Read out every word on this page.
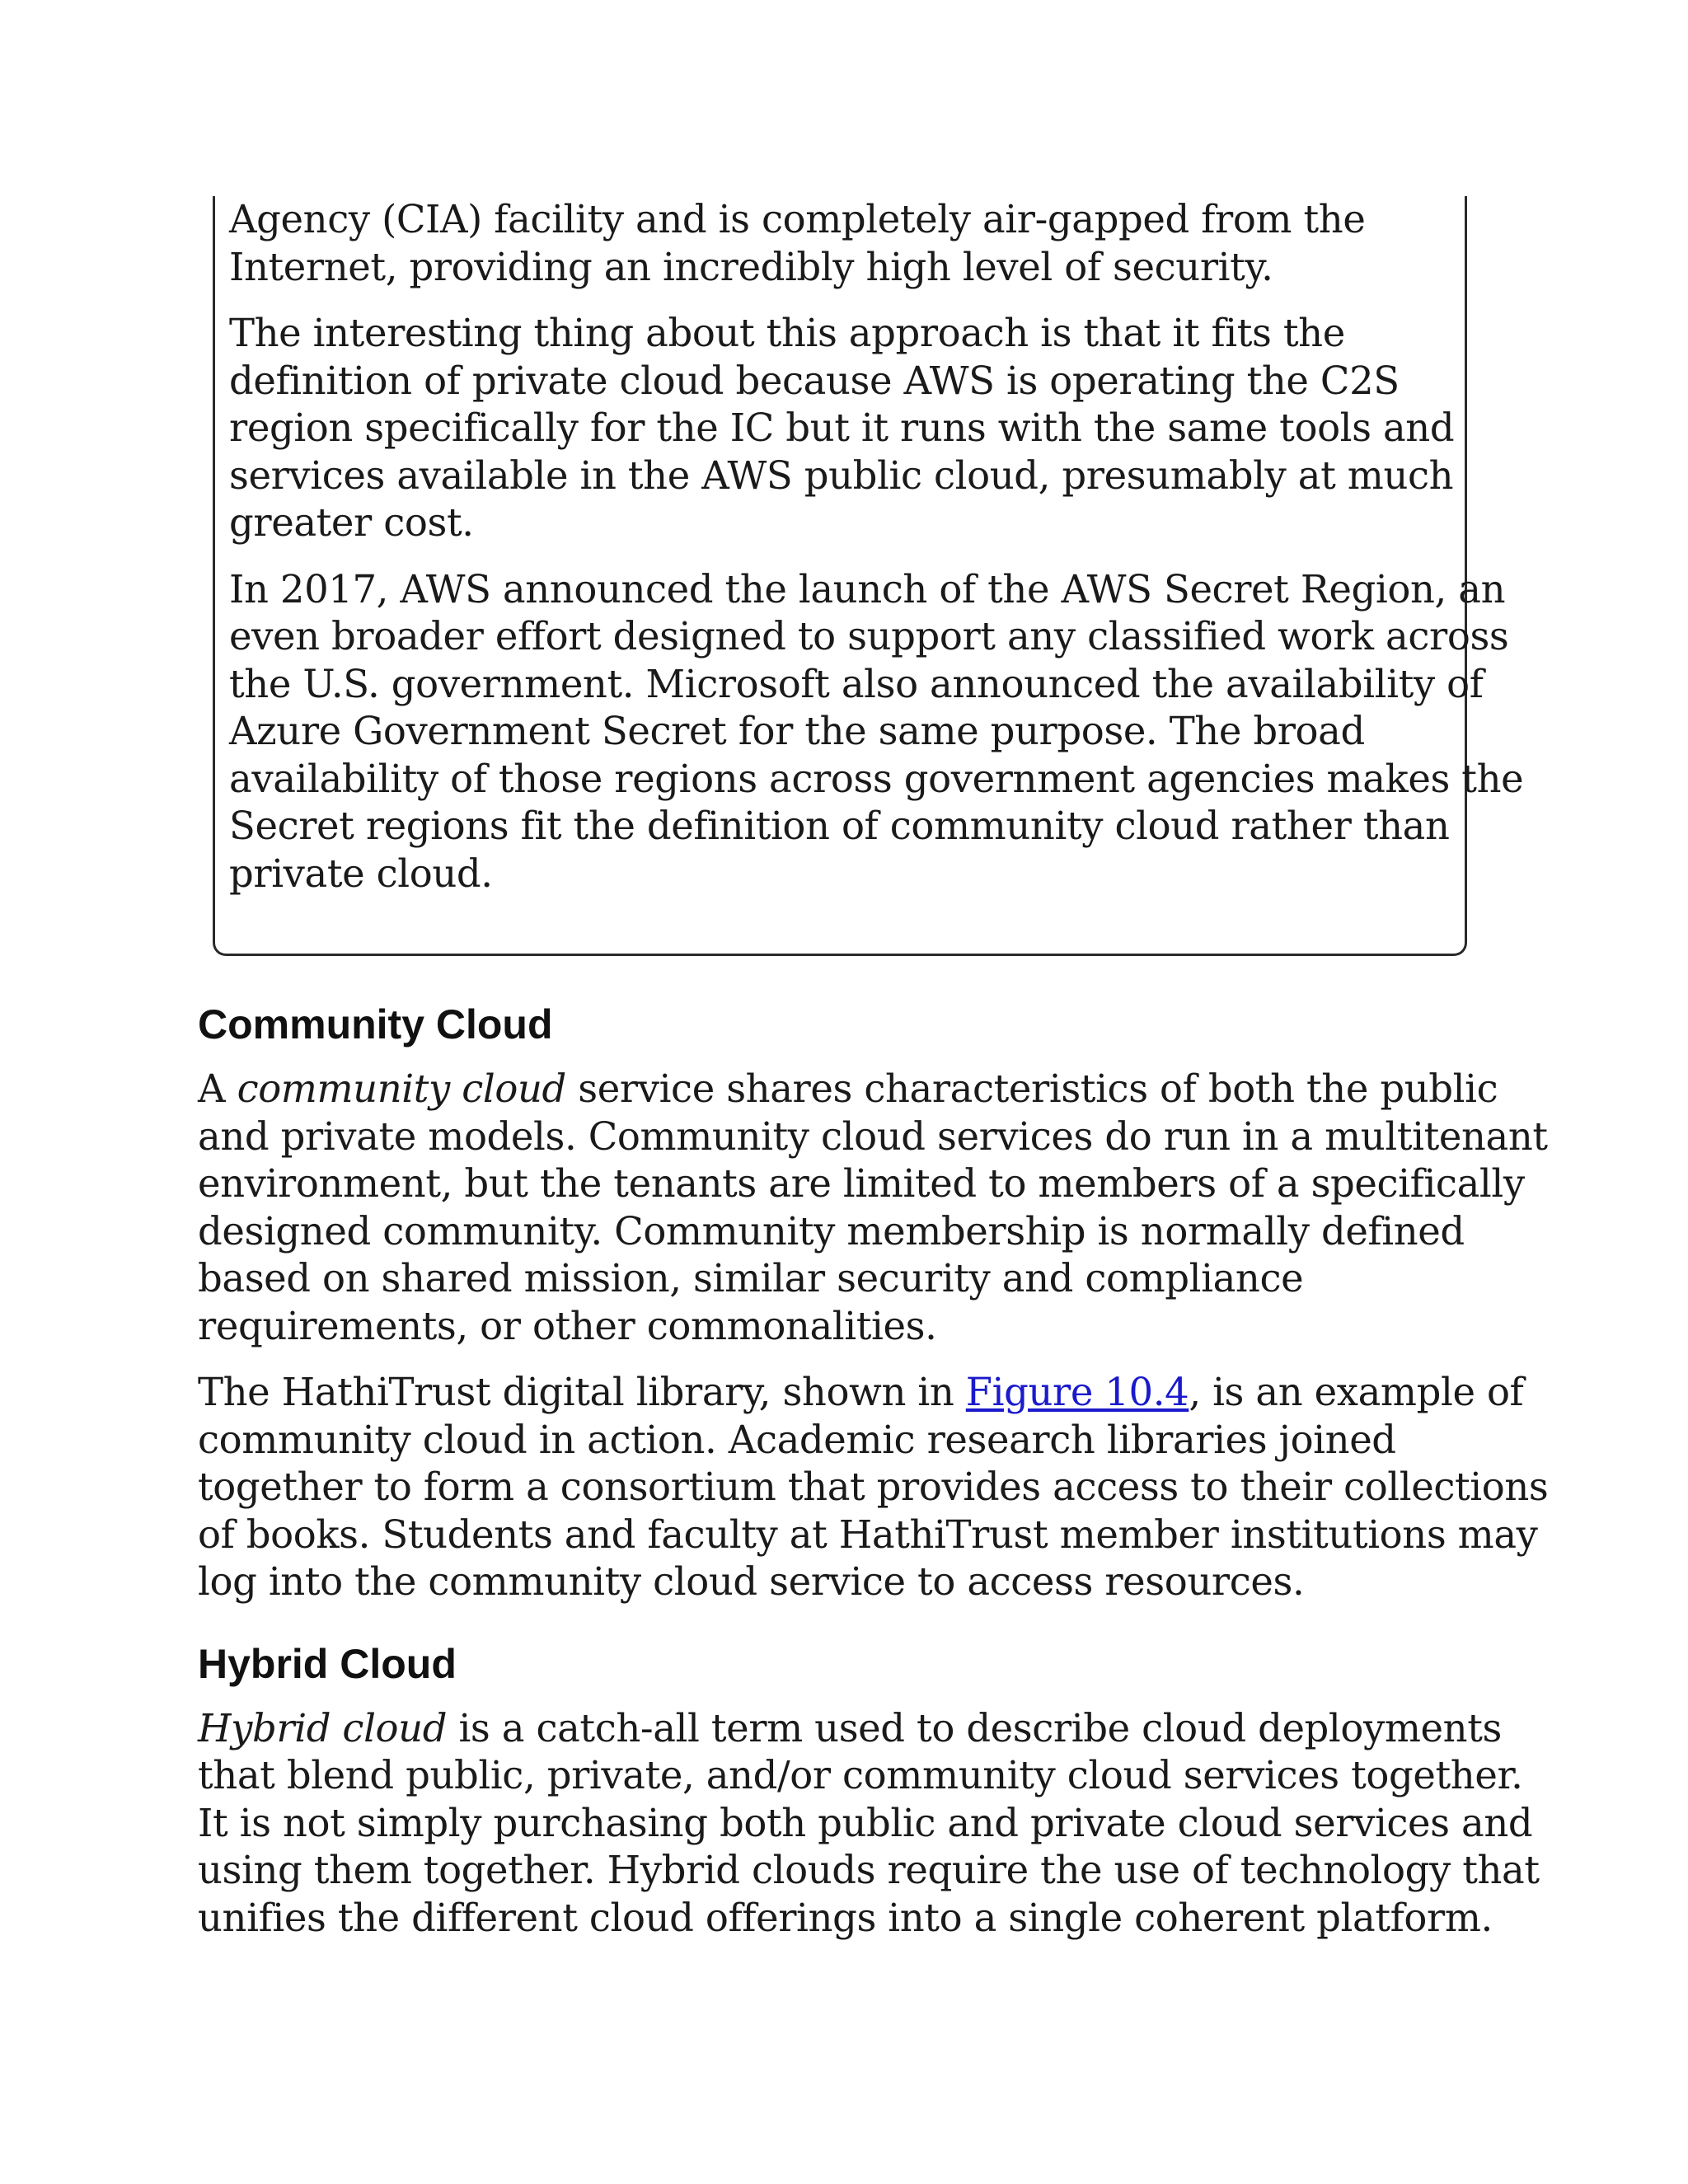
Agency (CIA) facility and is completely air-gapped from the
Internet, providing an incredibly high level of security.

The interesting thing about this approach is that it fits the
definition of private cloud because AWS is operating the C2S
region specifically for the IC but it runs with the same tools and
services available in the AWS public cloud, presumably at much
greater cost.

In 2017, AWS announced the launch of the AWS Secret Region, an
even broader effort designed to support any classified work across
the U.S. government. Microsoft also announced the availability of
Azure Government Secret for the same purpose. The broad
availability of those regions across government agencies makes the
Secret regions fit the definition of community cloud rather than
private cloud.

Community Cloud

A community cloud service shares characteristics of both the public
and private models. Community cloud services do run in a multitenant
environment, but the tenants are limited to members of a specifically
designed community. Community membership is normally defined
based on shared mission, similar security and compliance
requirements, or other commonalities.

The HathiTrust digital library, shown in Figure 10.4, is an example of
community cloud in action. Academic research libraries joined
together to form a consortium that provides access to their collections
of books. Students and faculty at HathiTrust member institutions may
log into the community cloud service to access resources.

Hybrid Cloud

Hybrid cloud is a catch-all term used to describe cloud deployments
that blend public, private, and/or community cloud services together.
It is not simply purchasing both public and private cloud services and
using them together. Hybrid clouds require the use of technology that
unifies the different cloud offerings into a single coherent platform.
